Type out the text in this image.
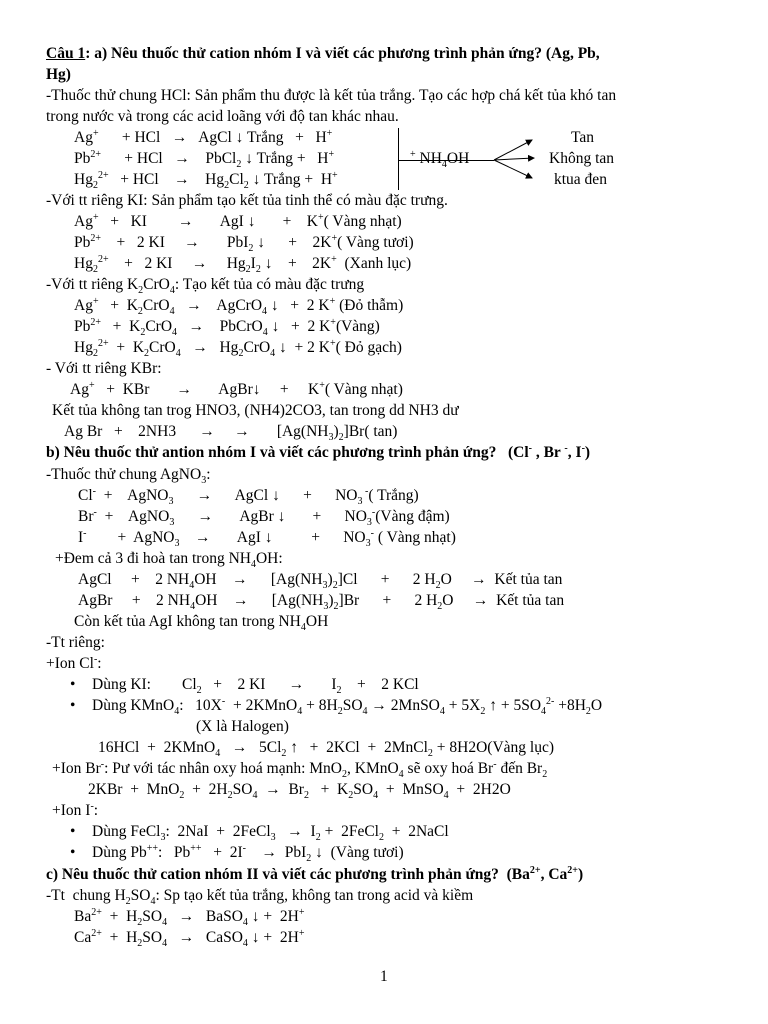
Câu 1: a) Nêu thuốc thử cation nhóm I và viết các phương trình phản ứng? (Ag, Pb,
Hg)
-Thuốc thử chung HCl: Sản phẩm thu được là kết tủa trắng. Tạo các hợp chá kết tủa khó tan
trong nước và trong các acid loãng với độ tan khác nhau.
Ag+      + HCl   →   AgCl ↓ Trắng   +   H+
$Pb^{2+}$      + HCl   →    PbCl$_2$ ↓ Trắng +   H+
$Hg_2^{2+}$   + HCl    →    $Hg_2Cl_2$ ↓ Trắng +  H+
+ $NH_4OH$
Tan
Không tan
ktua đen
-Với tt riêng KI: Sản phẩm tạo kết tủa tinh thể có màu đặc trưng.
Ag+   +   KI        →       AgI ↓       +    K+( Vàng nhạt)
$Pb^{2+}$    +   2 KI     →       PbI$_2$ ↓      +    2K+( Vàng tươi)
$Hg_2^{2+}$    +   2 KI     →     $Hg_2I_2$ ↓    +    2K+  (Xanh lục)
-Với tt riêng $K_2CrO_4$: Tạo kết tủa có màu đặc trưng
$Ag^+ + K_2CrO_4$   →    AgCrO$_4$ ↓   +  2 K+ (Đỏ thẫm)
$Pb^{2+} + K_2CrO_4$   →    PbCrO$_4$ ↓   +  2 K+(Vàng)
$Hg_2^{2+} + K_2CrO_4 \to Hg_2CrO_4$ ↓  + 2 K+( Đỏ gạch)
- Với tt riêng KBr:
Ag+   +  KBr       →       AgBr↓     +     K+( Vàng nhạt)
Kết tủa không tan trog HNO3, (NH4)2CO3, tan trong dd NH3 dư
Ag Br   +    2NH3      →     →       $[Ag(NH_3)_2]Br$( tan)
b) Nêu thuốc thử antion nhóm I và viết các phương trình phản ứng?   (Cl- , Br -, I-)
-Thuốc thử chung AgNO$_3$:
Cl-  +    AgNO$_3$      →      AgCl ↓      +      $NO_3$ -( Trắng)
Br-  +    AgNO$_3$      →       AgBr ↓       +      $NO_3^-(Vàng$ đậm)
I-        +  AgNO$_3$    →       AgI ↓          +      $NO_3^-$ ( Vàng nhạt)
+Đem cả 3 đi hoà tan trong $NH_4OH$:
AgCl     +    2 $NH_4OH$    →      $[Ag(NH_3)_2]Cl$      +      2 $H_2O$     →  Kết tủa tan
AgBr     +    2 $NH_4OH$    →      $[Ag(NH_3)_2]Br$      +      2 $H_2O$     →  Kết tủa tan
Còn kết tủa AgI không tan trong $NH_4OH$
-Tt riêng:
+Ion Cl-:
• Dùng KI:        $Cl_2$   +    2 KI      →       $I_2$    +    2 KCl
• Dùng KMnO$_4$:   10X-  + 2KMnO$_4$ + $8H_2SO_4$ → 2MnSO$_4$ + $5X_2$ ↑ + $5SO_4^{2-} +8H_2O$
(X là Halogen)
16HCl  +  2KMnO$_4$   →   $5Cl_2$ ↑   +  2KCl  +  2MnCl$_2$ + 8H2O(Vàng lục)
+Ion Br-: Pư với tác nhân oxy hoá mạnh: MnO$_2$, KMnO$_4$ sẽ oxy hoá Br- đến $Br_2$
$2KBr + MnO_2 + 2H_2SO_4 \to Br_2 + K_2SO_4$  +  MnSO$_4$  +  2H2O
+Ion I-:
• Dùng FeCl$_3$:  2NaI  +  2FeCl$_3$   →  $I_2$ +  2FeCl$_2$  +  2NaCl
• Dùng Pb++:   Pb++   +  2I-    →  PbI$_2$ ↓  (Vàng tươi)
c) Nêu thuốc thử cation nhóm II và viết các phương trình phản ứng?  ($Ba^{2+}$, $Ca^{2+}$)
-Tt  chung $H_2SO_4$: Sp tạo kết tủa trắng, không tan trong acid và kiềm
$Ba^{2+} + H_2SO_4$   →   BaSO$_4$ ↓ +  2H+
$Ca^{2+} + H_2SO_4$   →   CaSO$_4$ ↓ +  2H+
1
